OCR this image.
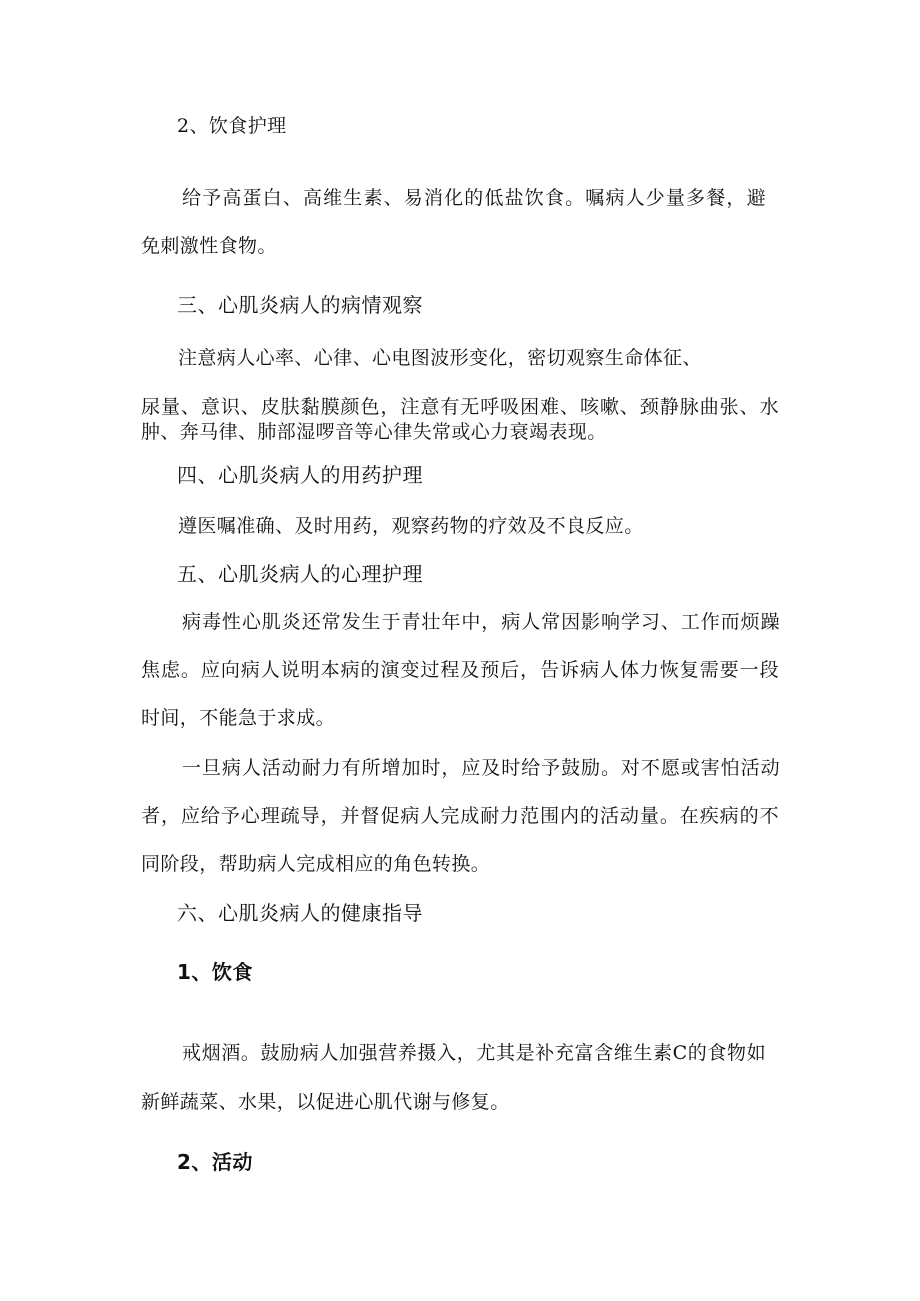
2、饮食护理
给予高蛋白、高维生素、易消化的低盐饮食。嘱病人少量多餐，避
免刺激性食物。
三、心肌炎病人的病情观察
注意病人心率、心律、心电图波形变化，密切观察生命体征、
尿量、意识、皮肤黏膜颜色，注意有无呼吸困难、咳嗽、颈静脉曲张、水
肿、奔马律、肺部湿啰音等心律失常或心力衰竭表现。
四、心肌炎病人的用药护理
遵医嘱准确、及时用药，观察药物的疗效及不良反应。
五、心肌炎病人的心理护理
病毒性心肌炎还常发生于青壮年中，病人常因影响学习、工作而烦躁
焦虑。应向病人说明本病的演变过程及预后，告诉病人体力恢复需要一段
时间，不能急于求成。
一旦病人活动耐力有所增加时，应及时给予鼓励。对不愿或害怕活动
者，应给予心理疏导，并督促病人完成耐力范围内的活动量。在疾病的不
同阶段，帮助病人完成相应的角色转换。
六、心肌炎病人的健康指导
1、饮食
戒烟酒。鼓励病人加强营养摄入，尤其是补充富含维生素C的食物如
新鲜蔬菜、水果，以促进心肌代谢与修复。
2、活动
